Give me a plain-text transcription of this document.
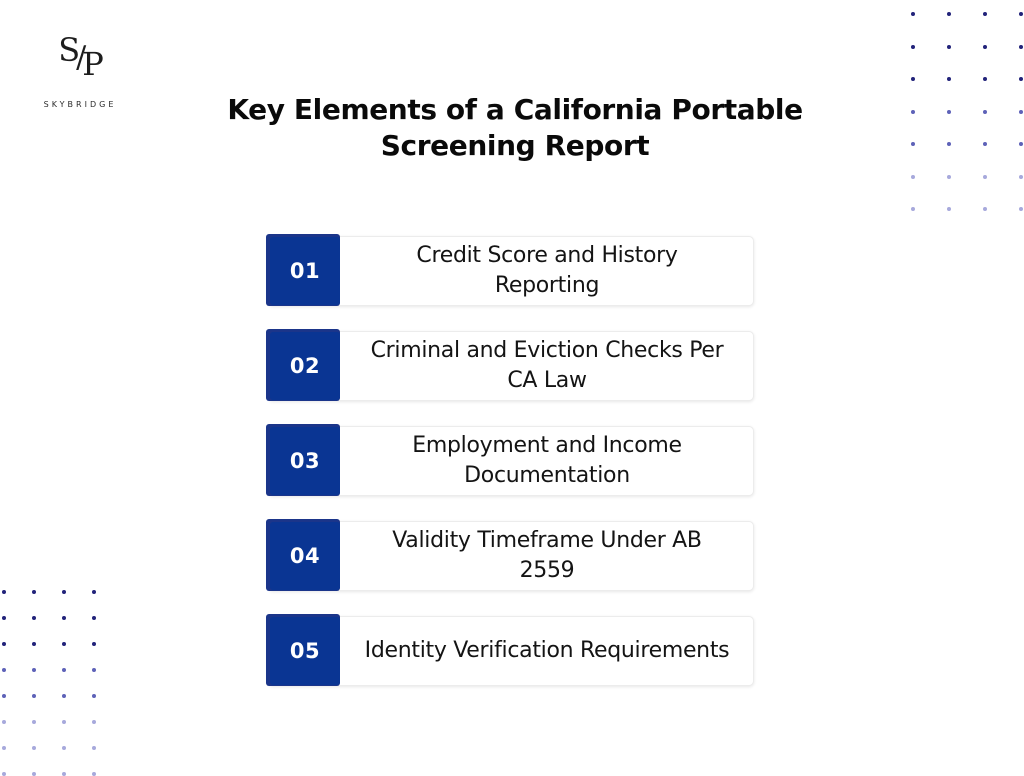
S/P
SKYBRIDGE	Key Elements of a California Portable Screening Report
01
Credit Score and History Reporting
02
Criminal and Eviction Checks Per CA Law
03
Employment and Income Documentation
04
Validity Timeframe Under AB 2559
05	Identity Verification Requirements
